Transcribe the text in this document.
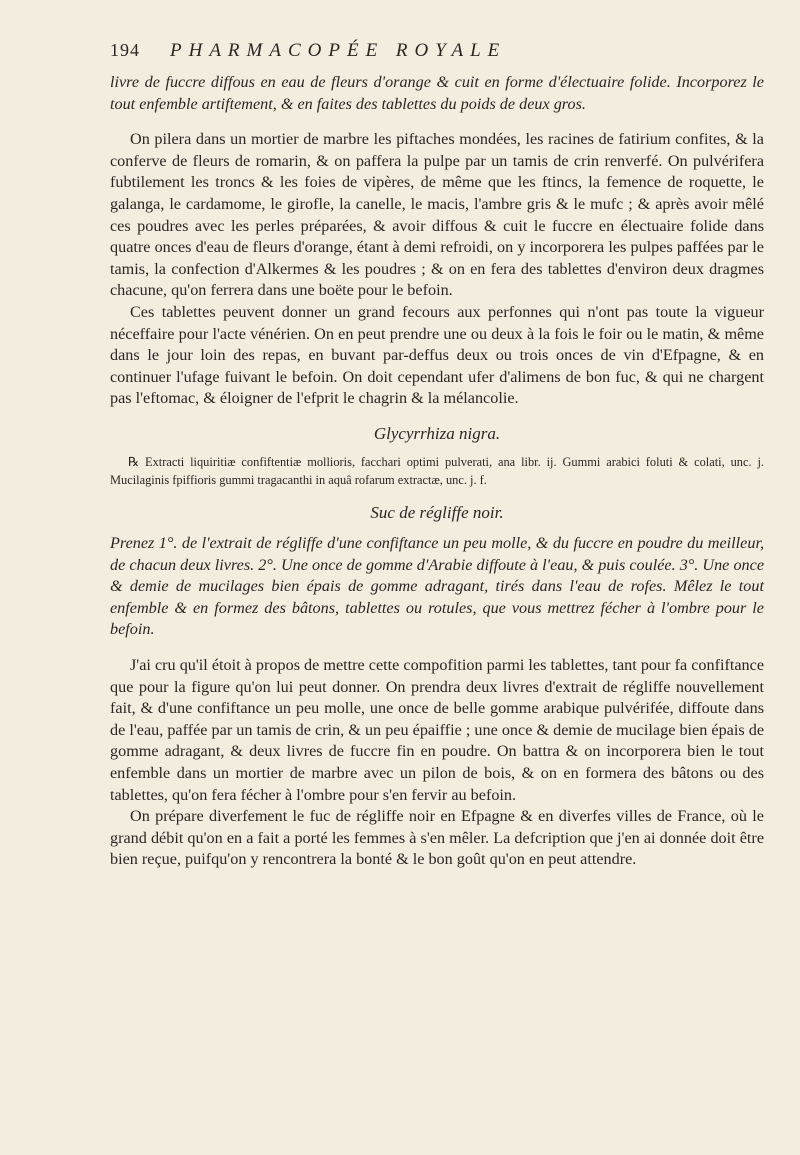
194	PHARMACOPÉE ROYALE

livre de fuccre diffous en eau de fleurs d'orange & cuit en forme d'électuaire folide. Incorporez le tout enfemble artiftement, & en faites des tablettes du poids de deux gros.

On pilera dans un mortier de marbre les piftaches mondées, les racines de fatirium confites, & la conferve de fleurs de romarin, & on paffera la pulpe par un tamis de crin renverfé. On pulvérifera fubtilement les troncs & les foies de vipères, de même que les ftincs, la femence de roquette, le galanga, le cardamome, le girofle, la canelle, le macis, l'ambre gris & le mufc ; & après avoir mêlé ces poudres avec les perles préparées, & avoir diffous & cuit le fuccre en électuaire folide dans quatre onces d'eau de fleurs d'orange, étant à demi refroidi, on y incorporera les pulpes paffées par le tamis, la confection d'Alkermes & les poudres ; & on en fera des tablettes d'environ deux dragmes chacune, qu'on ferrera dans une boëte pour le befoin.

Ces tablettes peuvent donner un grand fecours aux perfonnes qui n'ont pas toute la vigueur néceffaire pour l'acte vénérien. On en peut prendre une ou deux à la fois le foir ou le matin, & même dans le jour loin des repas, en buvant par-deffus deux ou trois onces de vin d'Efpagne, & en continuer l'ufage fuivant le befoin. On doit cependant ufer d'alimens de bon fuc, & qui ne chargent pas l'eftomac, & éloigner de l'efprit le chagrin & la mélancolie.

Glycyrrhiza nigra.

℞ Extracti liquiritiæ confiftentiæ mollioris, facchari optimi pulverati, ana libr. ij. Gummi arabici foluti & colati, unc. j. Mucilaginis fpiffioris gummi tragacanthi in aquâ rofarum extractæ, unc. j. f.

Suc de régliffe noir.

Prenez 1°. de l'extrait de régliffe d'une confiftance un peu molle, & du fuccre en poudre du meilleur, de chacun deux livres. 2°. Une once de gomme d'Arabie diffoute à l'eau, & puis coulée. 3°. Une once & demie de mucilages bien épais de gomme adragant, tirés dans l'eau de rofes. Mêlez le tout enfemble & en formez des bâtons, tablettes ou rotules, que vous mettrez fécher à l'ombre pour le befoin.

J'ai cru qu'il étoit à propos de mettre cette compofition parmi les tablettes, tant pour fa confiftance que pour la figure qu'on lui peut donner. On prendra deux livres d'extrait de régliffe nouvellement fait, & d'une confiftance un peu molle, une once de belle gomme arabique pulvérifée, diffoute dans de l'eau, paffée par un tamis de crin, & un peu épaiffie ; une once & demie de mucilage bien épais de gomme adragant, & deux livres de fuccre fin en poudre. On battra & on incorporera bien le tout enfemble dans un mortier de marbre avec un pilon de bois, & on en formera des bâtons ou des tablettes, qu'on fera fécher à l'ombre pour s'en fervir au befoin.

On prépare diverfement le fuc de régliffe noir en Efpagne & en diverfes villes de France, où le grand débit qu'on en a fait a porté les femmes à s'en mêler. La defcription que j'en ai donnée doit être bien reçue, puifqu'on y rencontrera la bonté & le bon goût qu'on en peut attendre.
